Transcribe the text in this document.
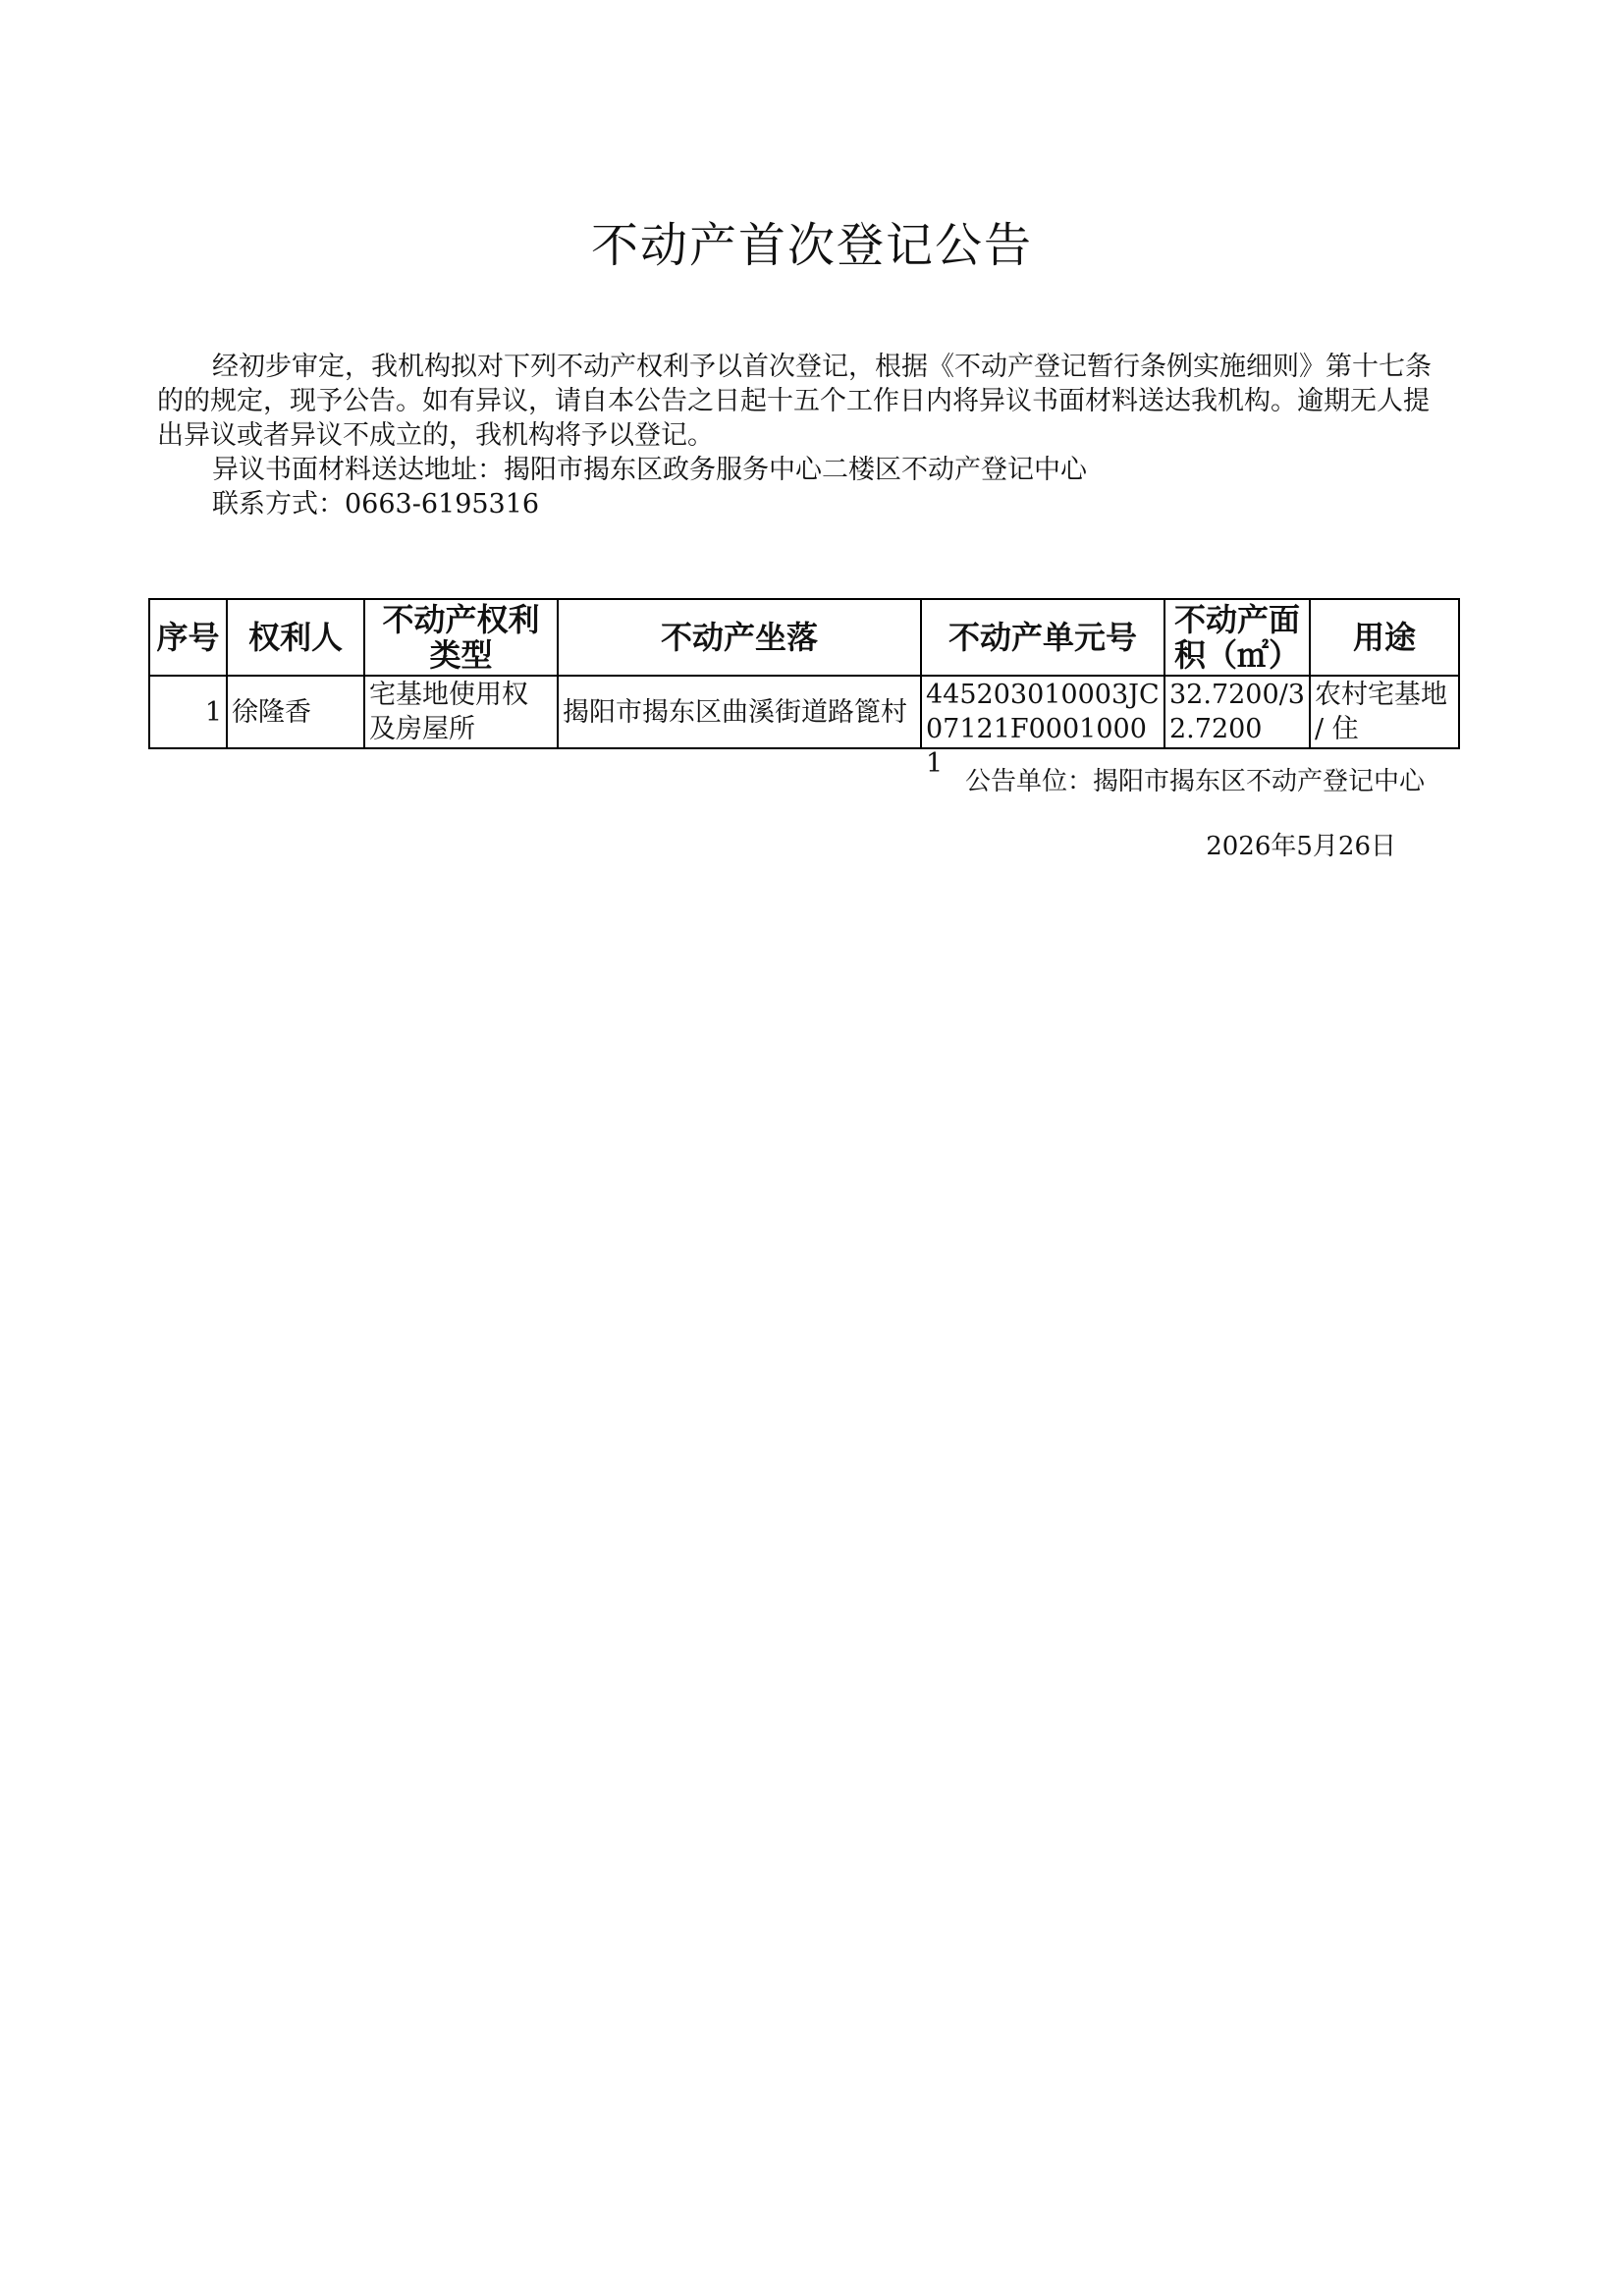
不动产首次登记公告

经初步审定，我机构拟对下列不动产权利予以首次登记，根据《不动产登记暂行条例实施细则》第十七条的的规定，现予公告。如有异议，请自本公告之日起十五个工作日内将异议书面材料送达我机构。逾期无人提出异议或者异议不成立的，我机构将予以登记。

异议书面材料送达地址：揭阳市揭东区政务服务中心二楼区不动产登记中心

联系方式：0663-6195316

序号	权利人	不动产权利类型	不动产坐落	不动产单元号	不动产面积（㎡）	用途
1	徐隆香	宅基地使用权及房屋所	揭阳市揭东区曲溪街道路篦村	445203010003JC07121F00010001	32.7200/32.7200	农村宅基地 / 住
公告单位：揭阳市揭东区不动产登记中心
2026年5月26日
